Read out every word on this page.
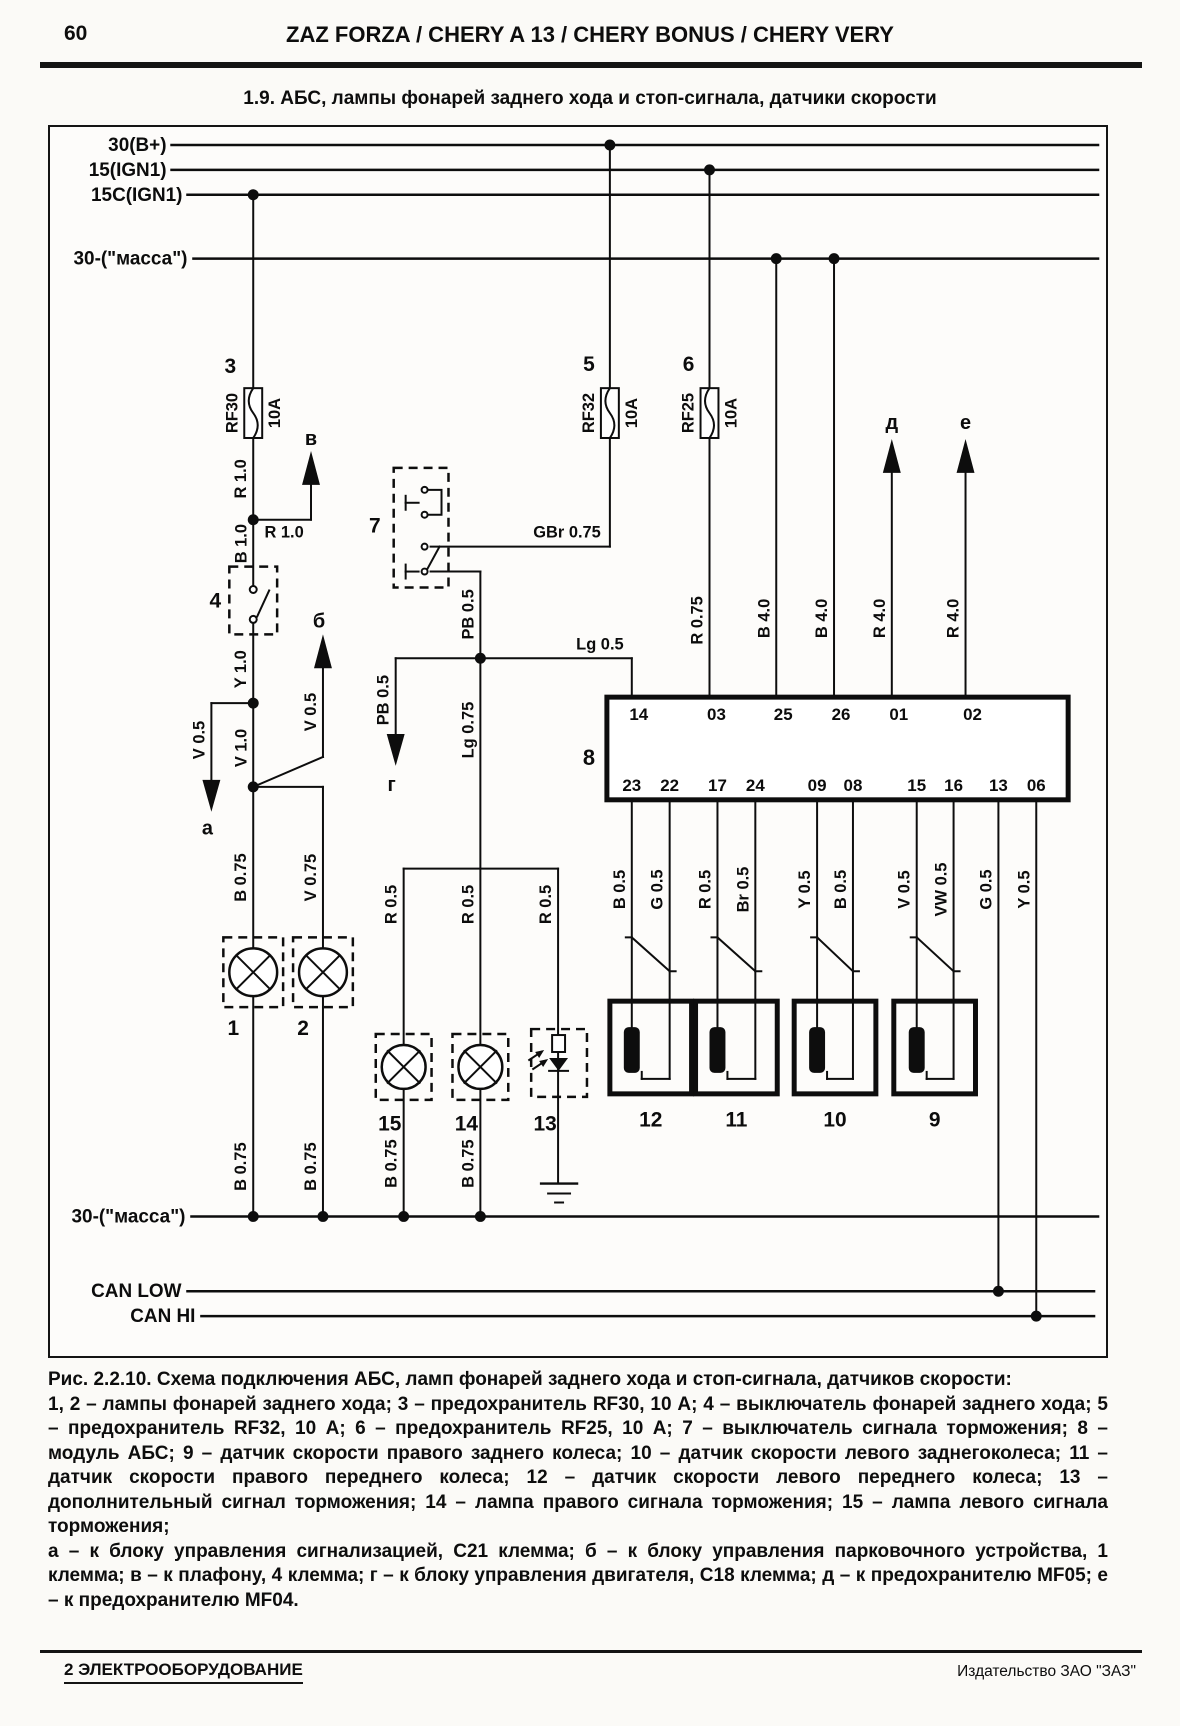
60	ZAZ FORZA / CHERY A 13 / CHERY BONUS / CHERY VERY
1.9. АБС, лампы фонарей заднего хода и стоп-сигнала, датчики скорости
30(B+)
15(IGN1)
15C(IGN1)
30-("масса")
30-("масса")
CAN LOW
CAN HI
14	03	25 26 01	02
23 22 17 24	09 08	15 16 13 06
R 1.0
R 1.0
B 1.0
Y 1.0
V 0.5 V 1.0
V 0.5
B 0.75	V 0.75
B 0.75	B 0.75
GBr 0.75
PB 0.5
PB 0.5
Lg 0.5
Lg 0.75
R 0.75	B 4.0 B 4.0 R 4.0	R 4.0
R 0.5	R 0.5	R 0.5
B 0.75	B 0.75
B 0.5 G 0.5 R 0.5 Br 0.5	Y 0.5 B 0.5	V 0.5 VW 0.5 G 0.5 Y 0.5
3
RF30 10A
5
RF32 10A
6
RF25 10A
4
7
8
1	2
15	14	13	12	11	10	9
в
б
а
г
д	е

Рис. 2.2.10. Схема подключения АБС, ламп фонарей заднего хода и стоп-сигнала, датчиков скорости:

1, 2 – лампы фонарей заднего хода; 3 – предохранитель RF30, 10 А; 4 – выключатель фонарей заднего хода; 5 – предохранитель RF32, 10 А; 6 – предохранитель RF25, 10 А; 7 – выключатель сигнала торможения; 8 – модуль АБС; 9 – датчик скорости правого заднего колеса; 10 – датчик скорости левого заднегоколеса; 11 – датчик скорости правого переднего колеса; 12 – датчик скорости левого переднего колеса; 13 – дополнительный сигнал торможения; 14 – лампа правого сигнала торможения; 15 – лампа левого сигнала торможения;

а – к блоку управления сигнализацией, С21 клемма; б – к блоку управления парковочного устройства, 1 клемма; в – к плафону, 4 клемма; г – к блоку управления двигателя, С18 клемма; д – к предохранителю MF05; е – к предохранителю MF04.

2 ЭЛЕКТРООБОРУДОВАНИЕ	Издательство ЗАО "ЗАЗ"
